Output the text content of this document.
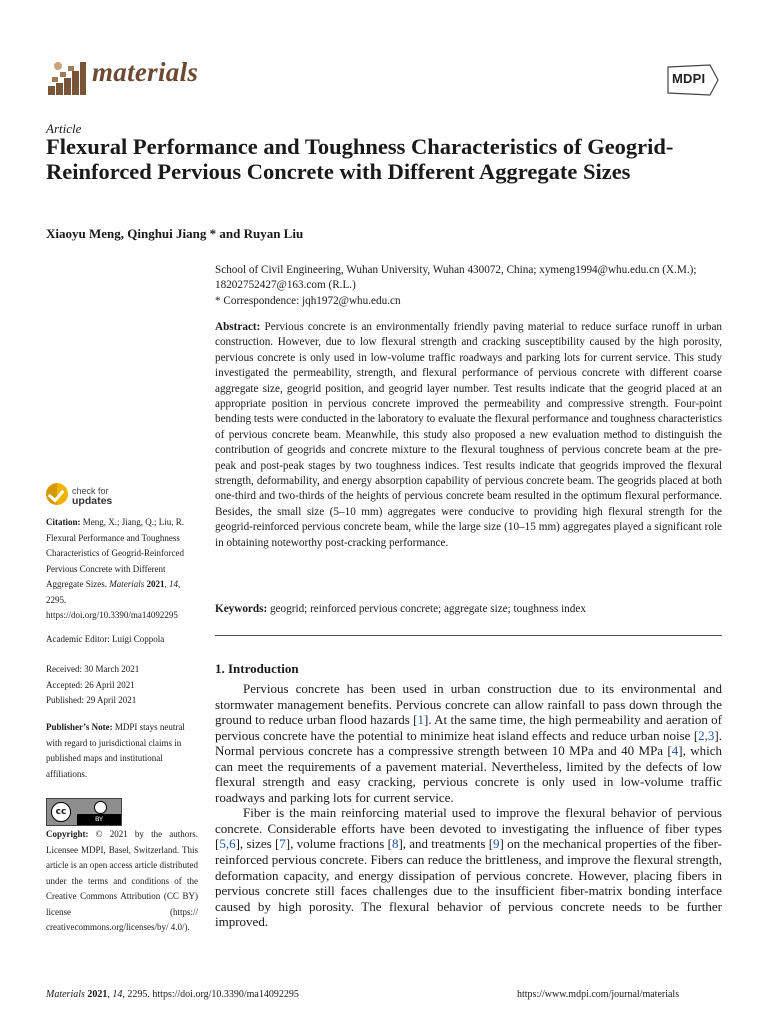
materials	MDPI
Article
Flexural Performance and Toughness Characteristics of Geogrid-Reinforced Pervious Concrete with Different Aggregate Sizes
Xiaoyu Meng, Qinghui Jiang * and Ruyan Liu
School of Civil Engineering, Wuhan University, Wuhan 430072, China; xymeng1994@whu.edu.cn (X.M.);
18202752427@163.com (R.L.)
* Correspondence: jqh1972@whu.edu.cn
Abstract: Pervious concrete is an environmentally friendly paving material to reduce surface runoff in urban construction. However, due to low flexural strength and cracking susceptibility caused by the high porosity, pervious concrete is only used in low-volume traffic roadways and parking lots for current service. This study investigated the permeability, strength, and flexural performance of pervious concrete with different coarse aggregate size, geogrid position, and geogrid layer number. Test results indicate that the geogrid placed at an appropriate position in pervious concrete improved the permeability and compressive strength. Four-point bending tests were conducted in the laboratory to evaluate the flexural performance and toughness characteristics of pervious concrete beam. Meanwhile, this study also proposed a new evaluation method to distinguish the contribution of geogrids and concrete mixture to the flexural toughness of pervious concrete beam at the pre-peak and post-peak stages by two toughness indices. Test results indicate that geogrids improved the flexural strength, deformability, and energy absorption capability of pervious concrete beam. The geogrids placed at both one-third and two-thirds of the heights of pervious concrete beam resulted in the optimum flexural performance. Besides, the small size (5–10 mm) aggregates were conducive to providing high flexural strength for the geogrid-reinforced pervious concrete beam, while the large size (10–15 mm) aggregates played a significant role in obtaining noteworthy post-cracking performance.
Keywords: geogrid; reinforced pervious concrete; aggregate size; toughness index
1. Introduction

Pervious concrete has been used in urban construction due to its environmental and stormwater management benefits. Pervious concrete can allow rainfall to pass down through the ground to reduce urban flood hazards [1]. At the same time, the high permeability and aeration of pervious concrete have the potential to minimize heat island effects and reduce urban noise [2,3]. Normal pervious concrete has a compressive strength between 10 MPa and 40 MPa [4], which can meet the requirements of a pavement material. Nevertheless, limited by the defects of low flexural strength and easy cracking, pervious concrete is only used in low-volume traffic roadways and parking lots for current service.

Fiber is the main reinforcing material used to improve the flexural behavior of pervious concrete. Considerable efforts have been devoted to investigating the influence of fiber types [5,6], sizes [7], volume fractions [8], and treatments [9] on the mechanical properties of the fiber-reinforced pervious concrete. Fibers can reduce the brittleness, and improve the flexural strength, deformation capacity, and energy dissipation of pervious concrete. However, placing fibers in pervious concrete still faces challenges due to the insufficient fiber-matrix bonding interface caused by high porosity. The flexural behavior of pervious concrete needs to be further improved.

check for
updates
Citation: Meng, X.; Jiang, Q.; Liu, R. Flexural Performance and Toughness Characteristics of Geogrid-Reinforced Pervious Concrete with Different Aggregate Sizes. Materials 2021, 14, 2295. https://doi.org/10.3390/ma14092295
Academic Editor: Luigi Coppola
Received: 30 March 2021
Accepted: 26 April 2021
Published: 29 April 2021
Publisher’s Note: MDPI stays neutral with regard to jurisdictional claims in published maps and institutional affiliations.
cc
BY
Copyright: © 2021 by the authors. Licensee MDPI, Basel, Switzerland. This article is an open access article distributed under the terms and conditions of the Creative Commons Attribution (CC BY) license (https:// creativecommons.org/licenses/by/ 4.0/).
Materials 2021, 14, 2295. https://doi.org/10.3390/ma14092295	https://www.mdpi.com/journal/materials
